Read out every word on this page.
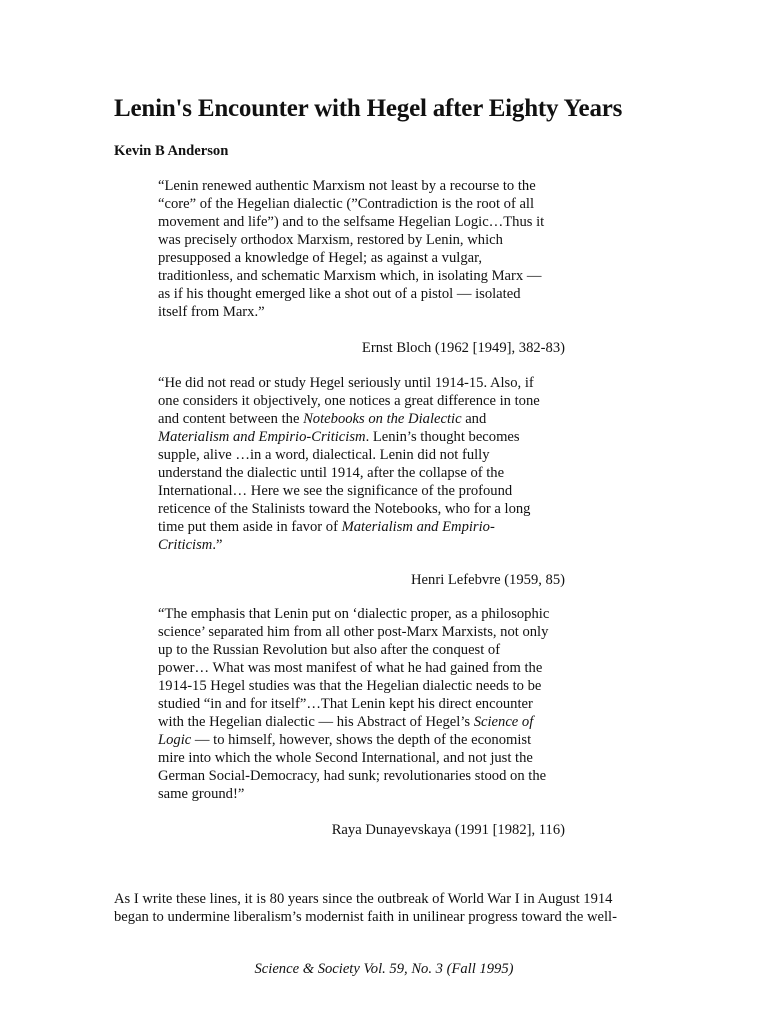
Lenin's Encounter with Hegel after Eighty Years

Kevin B Anderson

“Lenin renewed authentic Marxism not least by a recourse to the
“core” of the Hegelian dialectic (”Contradiction is the root of all
movement and life”) and to the selfsame Hegelian Logic…Thus it
was precisely orthodox Marxism, restored by Lenin, which
presupposed a knowledge of Hegel; as against a vulgar,
traditionless, and schematic Marxism which, in isolating Marx —
as if his thought emerged like a shot out of a pistol — isolated
itself from Marx.”

Ernst Bloch (1962 [1949], 382-83)

“He did not read or study Hegel seriously until 1914-15. Also, if
one considers it objectively, one notices a great difference in tone
and content between the Notebooks on the Dialectic and
Materialism and Empirio-Criticism. Lenin’s thought becomes
supple, alive …in a word, dialectical. Lenin did not fully
understand the dialectic until 1914, after the collapse of the
International… Here we see the significance of the profound
reticence of the Stalinists toward the Notebooks, who for a long
time put them aside in favor of Materialism and Empirio-
Criticism.”

Henri Lefebvre (1959, 85)

“The emphasis that Lenin put on ‘dialectic proper, as a philosophic
science’ separated him from all other post-Marx Marxists, not only
up to the Russian Revolution but also after the conquest of
power… What was most manifest of what he had gained from the
1914-15 Hegel studies was that the Hegelian dialectic needs to be
studied “in and for itself”…That Lenin kept his direct encounter
with the Hegelian dialectic — his Abstract of Hegel’s Science of
Logic — to himself, however, shows the depth of the economist
mire into which the whole Second International, and not just the
German Social-Democracy, had sunk; revolutionaries stood on the
same ground!”

Raya Dunayevskaya (1991 [1982], 116)

As I write these lines, it is 80 years since the outbreak of World War I in August 1914
began to undermine liberalism’s modernist faith in unilinear progress toward the well-
Science & Society Vol. 59, No. 3 (Fall 1995)
